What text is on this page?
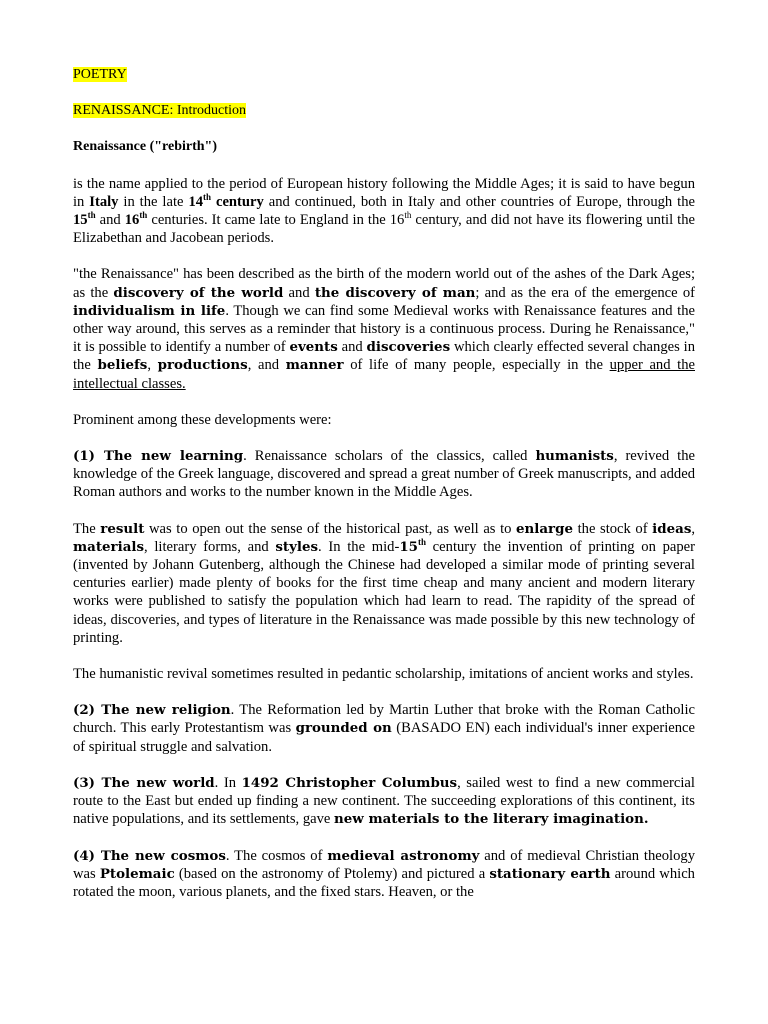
POETRY

RENAISSANCE: Introduction

Renaissance ("rebirth")

is the name applied to the period of European history following the Middle Ages; it is said to have begun in Italy in the late 14th century and continued, both in Italy and other countries of Europe, through the 15th and 16th centuries. It came late to England in the 16th century, and did not have its flowering until the Elizabethan and Jacobean periods.

"the Renaissance" has been described as the birth of the modern world out of the ashes of the Dark Ages; as the discovery of the world and the discovery of man; and as the era of the emergence of individualism in life. Though we can find some Medieval works with Renaissance features and the other way around, this serves as a reminder that history is a continuous process. During he Renaissance," it is possible to identify a number of events and discoveries which clearly effected several changes in the beliefs, productions, and manner of life of many people, especially in the upper and the intellectual classes.

Prominent among these developments were:

(1) The new learning. Renaissance scholars of the classics, called humanists, revived the knowledge of the Greek language, discovered and spread a great number of Greek manuscripts, and added Roman authors and works to the number known in the Middle Ages.

The result was to open out the sense of the historical past, as well as to enlarge the stock of ideas, materials, literary forms, and styles. In the mid-15th century the invention of printing on paper (invented by Johann Gutenberg, although the Chinese had developed a similar mode of printing several centuries earlier) made plenty of books for the first time cheap and many ancient and modern literary works were published to satisfy the population which had learn to read. The rapidity of the spread of ideas, discoveries, and types of literature in the Renaissance was made possible by this new technology of printing.

The humanistic revival sometimes resulted in pedantic scholarship, imitations of ancient works and styles.

(2) The new religion. The Reformation led by Martin Luther that broke with the Roman Catholic church. This early Protestantism was grounded on (BASADO EN) each individual's inner experience of spiritual struggle and salvation.

(3) The new world. In 1492 Christopher Columbus, sailed west to find a new commercial route to the East but ended up finding a new continent. The succeeding explorations of this continent, its native populations, and its settlements, gave new materials to the literary imagination.

(4) The new cosmos. The cosmos of medieval astronomy and of medieval Christian theology was Ptolemaic (based on the astronomy of Ptolemy) and pictured a stationary earth around which rotated the moon, various planets, and the fixed stars. Heaven, or the
